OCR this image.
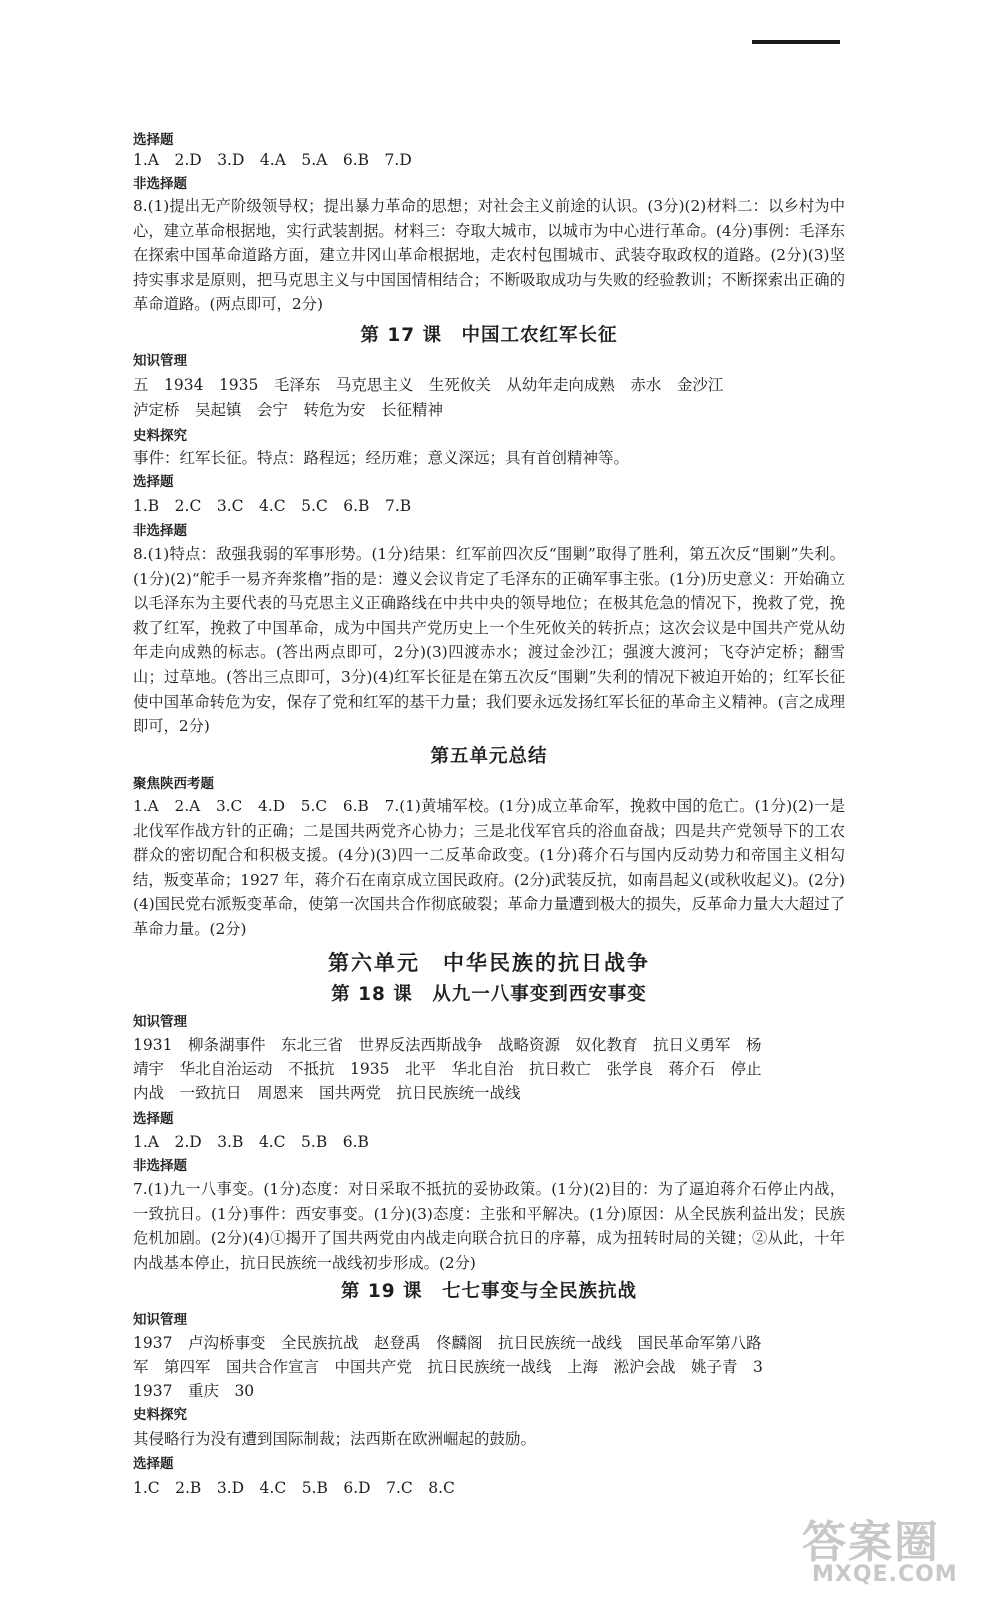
选择题
1.A　2.D　3.D　4.A　5.A　6.B　7.D
非选择题
8.(1)提出无产阶级领导权；提出暴力革命的思想；对社会主义前途的认识。(3分)(2)材料二：以乡村为中心，建立革命根据地，实行武装割据。材料三：夺取大城市，以城市为中心进行革命。(4分)事例：毛泽东在探索中国革命道路方面，建立井冈山革命根据地，走农村包围城市、武装夺取政权的道路。(2分)(3)坚持实事求是原则，把马克思主义与中国国情相结合；不断吸取成功与失败的经验教训；不断探索出正确的革命道路。(两点即可，2分)
第 17 课　中国工农红军长征
知识管理
五　1934　1935　毛泽东　马克思主义　生死攸关　从幼年走向成熟　赤水　金沙江
泸定桥　吴起镇　会宁　转危为安　长征精神
史料探究
事件：红军长征。特点：路程远；经历难；意义深远；具有首创精神等。
选择题
1.B　2.C　3.C　4.C　5.C　6.B　7.B
非选择题
8.(1)特点：敌强我弱的军事形势。(1分)结果：红军前四次反“围剿”取得了胜利，第五次反“围剿”失利。(1分)(2)“舵手一易齐奔浆橹”指的是：遵义会议肯定了毛泽东的正确军事主张。(1分)历史意义：开始确立以毛泽东为主要代表的马克思主义正确路线在中共中央的领导地位；在极其危急的情况下，挽救了党，挽救了红军，挽救了中国革命，成为中国共产党历史上一个生死攸关的转折点；这次会议是中国共产党从幼年走向成熟的标志。(答出两点即可，2分)(3)四渡赤水；渡过金沙江；强渡大渡河；飞夺泸定桥；翻雪山；过草地。(答出三点即可，3分)(4)红军长征是在第五次反“围剿”失利的情况下被迫开始的；红军长征使中国革命转危为安，保存了党和红军的基干力量；我们要永远发扬红军长征的革命主义精神。(言之成理即可，2分)
第五单元总结
聚焦陕西考题
1.A　2.A　3.C　4.D　5.C　6.B　7.(1)黄埔军校。(1分)成立革命军，挽救中国的危亡。(1分)(2)一是北伐军作战方针的正确；二是国共两党齐心协力；三是北伐军官兵的浴血奋战；四是共产党领导下的工农群众的密切配合和积极支援。(4分)(3)四一二反革命政变。(1分)蒋介石与国内反动势力和帝国主义相勾结，叛变革命；1927 年，蒋介石在南京成立国民政府。(2分)武装反抗，如南昌起义(或秋收起义)。(2分)(4)国民党右派叛变革命，使第一次国共合作彻底破裂；革命力量遭到极大的损失，反革命力量大大超过了革命力量。(2分)
第六单元　中华民族的抗日战争
第 18 课　从九一八事变到西安事变
知识管理
1931　柳条湖事件　东北三省　世界反法西斯战争　战略资源　奴化教育　抗日义勇军　杨
靖宇　华北自治运动　不抵抗　1935　北平　华北自治　抗日救亡　张学良　蒋介石　停止
内战　一致抗日　周恩来　国共两党　抗日民族统一战线
选择题
1.A　2.D　3.B　4.C　5.B　6.B
非选择题
7.(1)九一八事变。(1分)态度：对日采取不抵抗的妥协政策。(1分)(2)目的：为了逼迫蒋介石停止内战，一致抗日。(1分)事件：西安事变。(1分)(3)态度：主张和平解决。(1分)原因：从全民族利益出发；民族危机加剧。(2分)(4)①揭开了国共两党由内战走向联合抗日的序幕，成为扭转时局的关键；②从此，十年内战基本停止，抗日民族统一战线初步形成。(2分)
第 19 课　七七事变与全民族抗战
知识管理
1937　卢沟桥事变　全民族抗战　赵登禹　佟麟阁　抗日民族统一战线　国民革命军第八路
军　第四军　国共合作宣言　中国共产党　抗日民族统一战线　上海　淞沪会战　姚子青　3
1937　重庆　30
史料探究
其侵略行为没有遭到国际制裁；法西斯在欧洲崛起的鼓励。
选择题
1.C　2.B　3.D　4.C　5.B　6.D　7.C　8.C
答案圈
MXQE.COM
